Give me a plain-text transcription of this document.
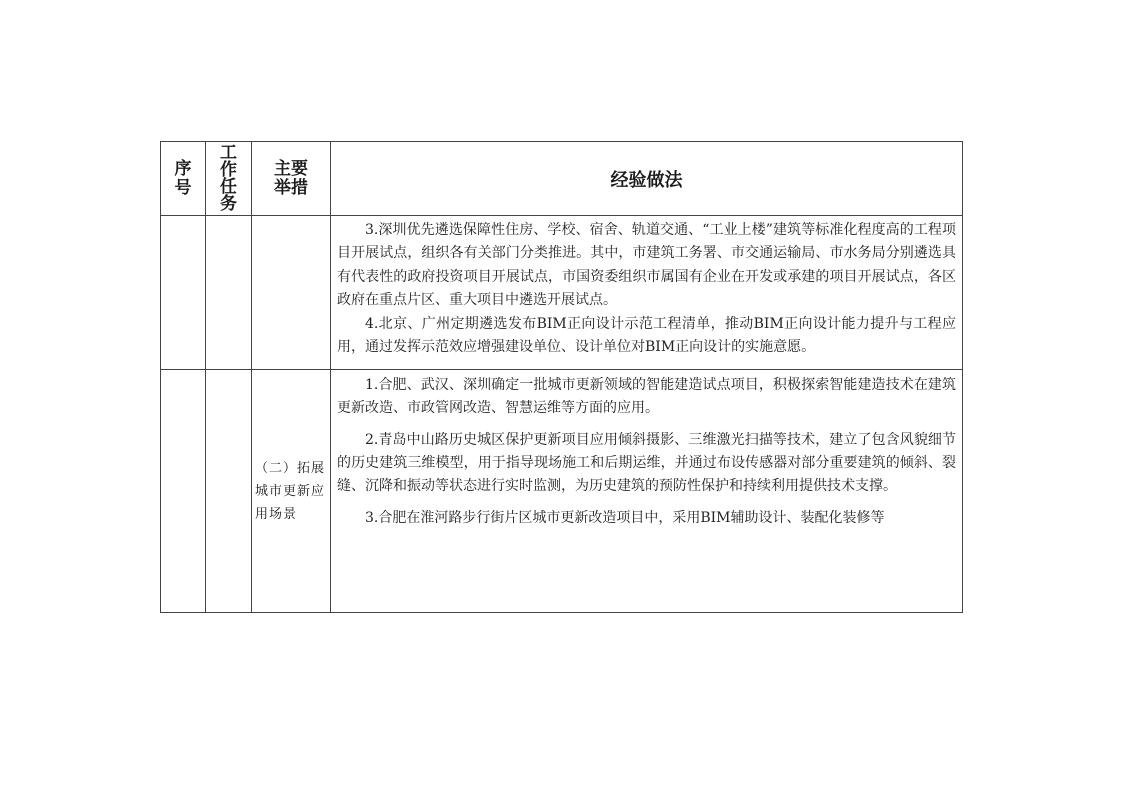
序
号	工
作
任
务	主要
举措	经验做法

			3.深圳优先遴选保障性住房、学校、宿舍、轨道交通、“工业上楼”建筑等标准化程度高的工程项目开展试点，组织各有关部门分类推进。其中，市建筑工务署、市交通运输局、市水务局分别遴选具有代表性的政府投资项目开展试点，市国资委组织市属国有企业在开发或承建的项目开展试点，各区政府在重点片区、重大项目中遴选开展试点。

4.北京、广州定期遴选发布BIM正向设计示范工程清单，推动BIM正向设计能力提升与工程应用，通过发挥示范效应增强建设单位、设计单位对BIM正向设计的实施意愿。

		（二）拓展城市更新应用场景	1.合肥、武汉、深圳确定一批城市更新领域的智能建造试点项目，积极探索智能建造技术在建筑更新改造、市政管网改造、智慧运维等方面的应用。

2.青岛中山路历史城区保护更新项目应用倾斜摄影、三维激光扫描等技术，建立了包含风貌细节的历史建筑三维模型，用于指导现场施工和后期运维，并通过布设传感器对部分重要建筑的倾斜、裂缝、沉降和振动等状态进行实时监测，为历史建筑的预防性保护和持续利用提供技术支撑。

3.合肥在淮河路步行街片区城市更新改造项目中，采用BIM辅助设计、装配化装修等
